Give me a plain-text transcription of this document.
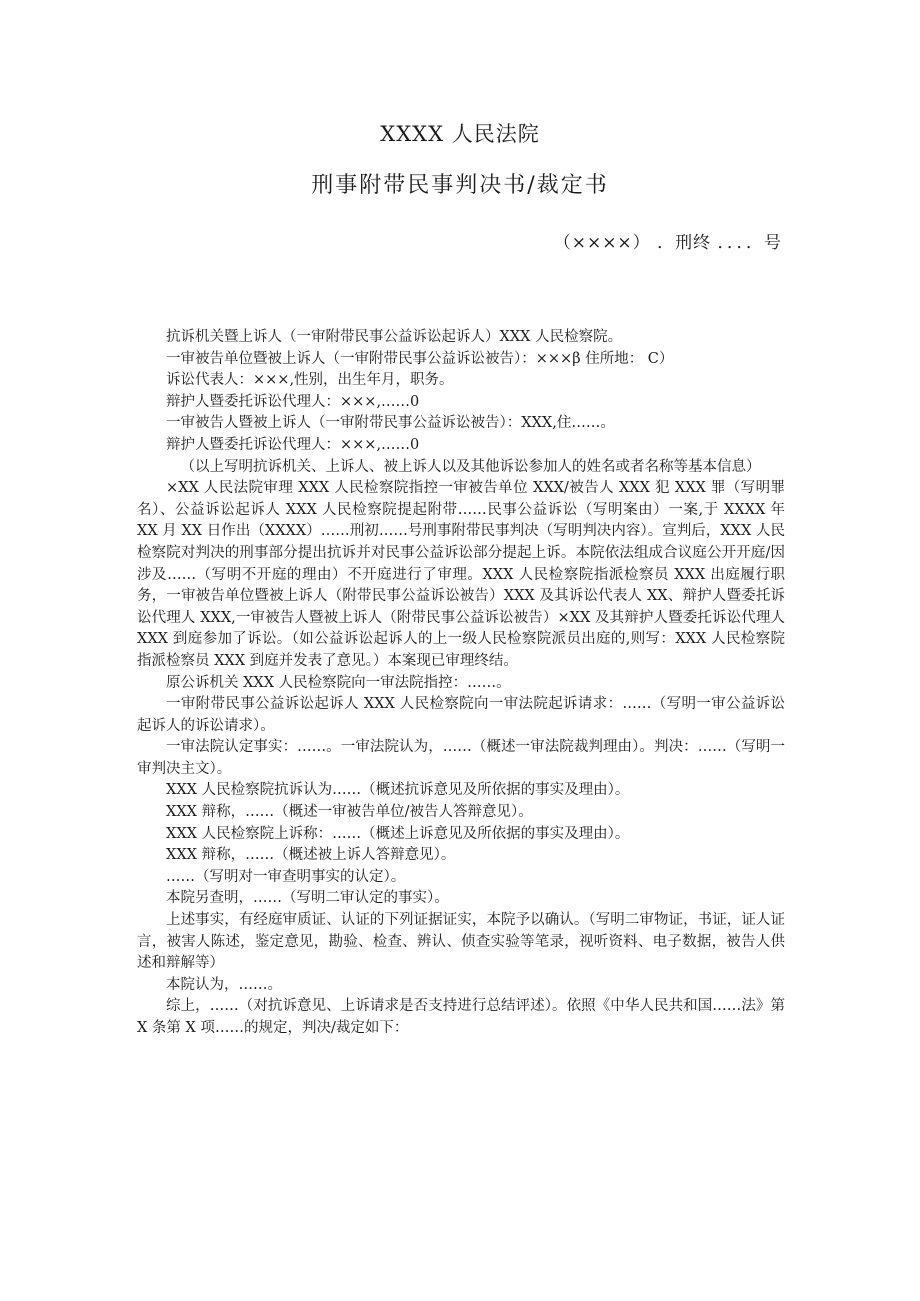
XXXX 人民法院
刑事附带民事判决书/裁定书
（××××） ．刑终 ．．．．号

抗诉机关暨上诉人（一审附带民事公益诉讼起诉人）XXX 人民检察院。

一审被告单位暨被上诉人（一审附带民事公益诉讼被告）：×××β 住所地： C）

诉讼代表人：×××,性别，出生年月，职务。

辩护人暨委托诉讼代理人：×××,……0

一审被告人暨被上诉人（一审附带民事公益诉讼被告）：XXX,住……。

辩护人暨委托诉讼代理人：×××,……0

（以上写明抗诉机关、上诉人、被上诉人以及其他诉讼参加人的姓名或者名称等基本信息）

×XX 人民法院审理 XXX 人民检察院指控一审被告单位 XXX/被告人 XXX 犯 XXX 罪（写明罪名）、公益诉讼起诉人 XXX 人民检察院提起附带……民事公益诉讼（写明案由）一案,于 XXXX 年 XX 月 XX 日作出（XXXX）……刑初……号刑事附带民事判决（写明判决内容）。宣判后，XXX 人民检察院对判决的刑事部分提出抗诉并对民事公益诉讼部分提起上诉。本院依法组成合议庭公开开庭/因涉及……（写明不开庭的理由）不开庭进行了审理。XXX 人民检察院指派检察员 XXX 出庭履行职务，一审被告单位暨被上诉人（附带民事公益诉讼被告）XXX 及其诉讼代表人 XX、辩护人暨委托诉讼代理人 XXX,一审被告人暨被上诉人（附带民事公益诉讼被告）×XX 及其辩护人暨委托诉讼代理人 XXX 到庭参加了诉讼。（如公益诉讼起诉人的上一级人民检察院派员出庭的,则写：XXX 人民检察院指派检察员 XXX 到庭并发表了意见。）本案现已审理终结。

原公诉机关 XXX 人民检察院向一审法院指控：……。

一审附带民事公益诉讼起诉人 XXX 人民检察院向一审法院起诉请求：……（写明一审公益诉讼起诉人的诉讼请求）。

一审法院认定事实：……。一审法院认为，……（概述一审法院裁判理由）。判决：……（写明一审判决主文）。

XXX 人民检察院抗诉认为……（概述抗诉意见及所依据的事实及理由）。

XXX 辩称，……（概述一审被告单位/被告人答辩意见）。

XXX 人民检察院上诉称：……（概述上诉意见及所依据的事实及理由）。

XXX 辩称，……（概述被上诉人答辩意见）。

……（写明对一审查明事实的认定）。

本院另查明，……（写明二审认定的事实）。

上述事实，有经庭审质证、认证的下列证据证实，本院予以确认。（写明二审物证，书证，证人证言，被害人陈述，鉴定意见，勘验、检查、辨认、侦查实验等笔录，视听资料、电子数据，被告人供述和辩解等）

本院认为，……。

综上，……（对抗诉意见、上诉请求是否支持进行总结评述）。依照《中华人民共和国……法》第 X 条第 X 项……的规定，判决/裁定如下：
